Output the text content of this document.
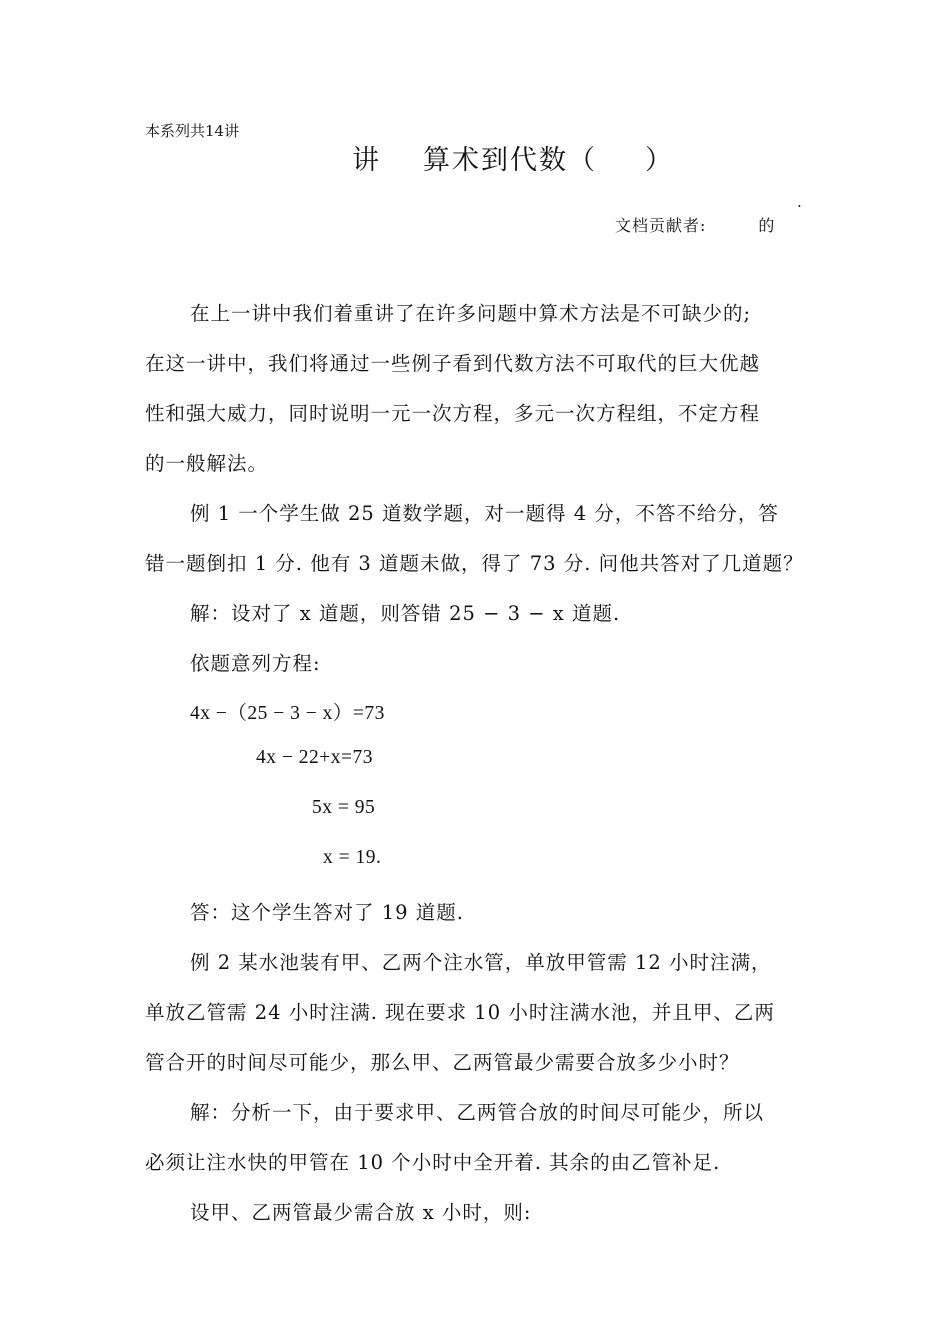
本系列共14讲
讲 算术到代数（ ）
.
文档贡献者:	的
在上一讲中我们着重讲了在许多问题中算术方法是不可缺少的;
在这一讲中，我们将通过一些例子看到代数方法不可取代的巨大优越
性和强大威力，同时说明一元一次方程，多元一次方程组，不定方程
的一般解法。
例 1 一个学生做 25 道数学题，对一题得 4 分，不答不给分，答
错一题倒扣 1 分. 他有 3 道题未做，得了 73 分. 问他共答对了几道题？
解：设对了 x 道题，则答错 25 − 3 − x 道题.
依题意列方程:
4x −（25 − 3 − x）=73
4x − 22+x=73
5x = 95
x = 19.
答：这个学生答对了 19 道题.
例 2 某水池装有甲、乙两个注水管，单放甲管需 12 小时注满，
单放乙管需 24 小时注满. 现在要求 10 小时注满水池，并且甲、乙两
管合开的时间尽可能少，那么甲、乙两管最少需要合放多少小时？
解：分析一下，由于要求甲、乙两管合放的时间尽可能少，所以
必须让注水快的甲管在 10 个小时中全开着. 其余的由乙管补足.
设甲、乙两管最少需合放 x 小时，则:
